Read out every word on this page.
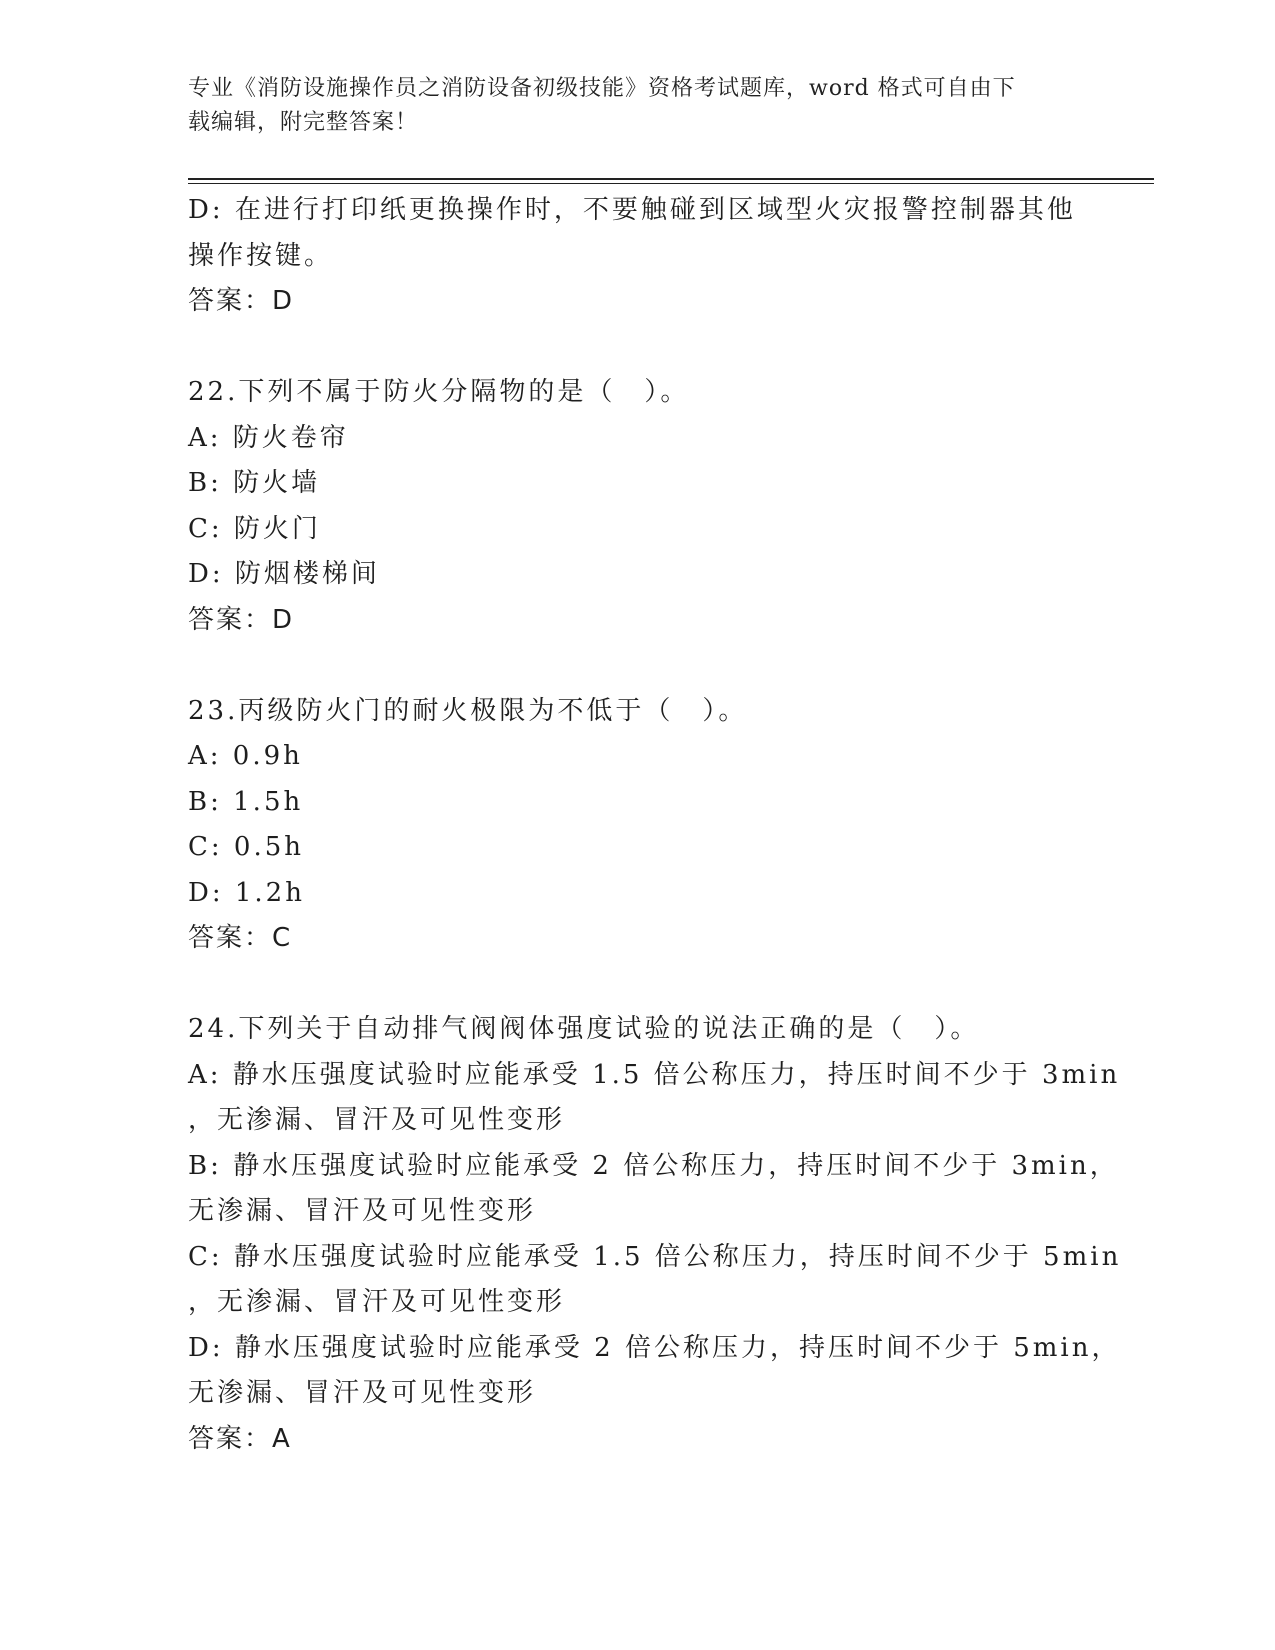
专业《消防设施操作员之消防设备初级技能》资格考试题库，word 格式可自由下
载编辑，附完整答案！

D: 在进行打印纸更换操作时，不要触碰到区域型火灾报警控制器其他

操作按键。

答案：D

22.下列不属于防火分隔物的是（　）。

A: 防火卷帘

B: 防火墙

C: 防火门

D: 防烟楼梯间

答案：D

23.丙级防火门的耐火极限为不低于（　）。

A: 0.9h

B: 1.5h

C: 0.5h

D: 1.2h

答案：C

24.下列关于自动排气阀阀体强度试验的说法正确的是（　）。

A: 静水压强度试验时应能承受 1.5 倍公称压力，持压时间不少于 3min

，无渗漏、冒汗及可见性变形

B: 静水压强度试验时应能承受 2 倍公称压力，持压时间不少于 3min，

无渗漏、冒汗及可见性变形

C: 静水压强度试验时应能承受 1.5 倍公称压力，持压时间不少于 5min

，无渗漏、冒汗及可见性变形

D: 静水压强度试验时应能承受 2 倍公称压力，持压时间不少于 5min，

无渗漏、冒汗及可见性变形

答案：A
